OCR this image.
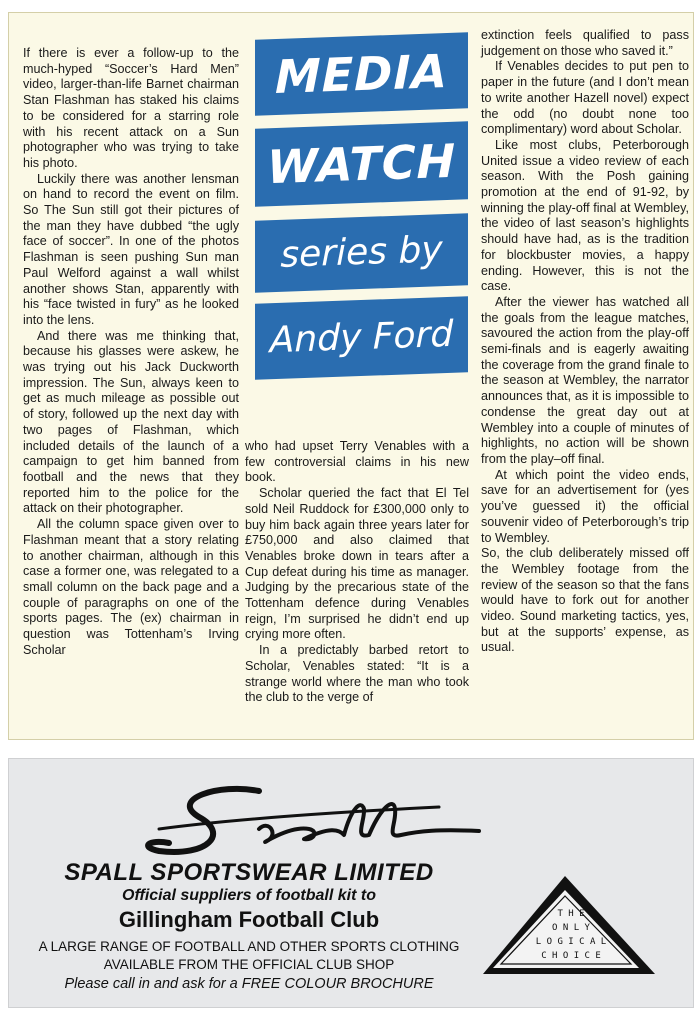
If there is ever a follow-up to the much-hyped “Soccer’s Hard Men” video, larger-than-life Barnet chairman Stan Flashman has staked his claims to be considered for a starring role with his recent attack on a Sun photographer who was trying to take his photo.

Luckily there was another lensman on hand to record the event on film. So The Sun still got their pictures of the man they have dubbed “the ugly face of soccer”. In one of the photos Flashman is seen pushing Sun man Paul Welford against a wall whilst another shows Stan, apparently with his “face twisted in fury” as he looked into the lens.

And there was me thinking that, because his glasses were askew, he was trying out his Jack Duckworth impression. The Sun, always keen to get as much mileage as possible out of story, followed up the next day with two pages of Flashman, which included details of the launch of a campaign to get him banned from football and the news that they reported him to the police for the attack on their photographer.

All the column space given over to Flashman meant that a story relating to another chairman, although in this case a former one, was relegated to a small column on the back page and a couple of paragraphs on one of the sports pages. The (ex) chairman in question was Tottenham’s Irving Scholar

MEDIA
WATCH
series by
Andy Ford

who had upset Terry Venables with a few controversial claims in his new book.

Scholar queried the fact that El Tel sold Neil Ruddock for £300,000 only to buy him back again three years later for £750,000 and also claimed that Venables broke down in tears after a Cup defeat during his time as manager. Judging by the precarious state of the Tottenham defence during Venables reign, I’m surprised he didn’t end up crying more often.

In a predictably barbed retort to Scholar, Venables stated: “It is a strange world where the man who took the club to the verge of

extinction feels qualified to pass judgement on those who saved it.”

If Venables decides to put pen to paper in the future (and I don’t mean to write another Hazell novel) expect the odd (no doubt none too complimentary) word about Scholar.

Like most clubs, Peterborough United issue a video review of each season. With the Posh gaining promotion at the end of 91-92, by winning the play-off final at Wembley, the video of last season’s highlights should have had, as is the tradition for blockbuster movies, a happy ending. However, this is not the case.

After the viewer has watched all the goals from the league matches, savoured the action from the play-off semi-finals and is eagerly awaiting the coverage from the grand finale to the season at Wembley, the narrator announces that, as it is impossible to condense the great day out at Wembley into a couple of minutes of highlights, no action will be shown from the play–off final.

At which point the video ends, save for an advertisement for (yes you’ve guessed it) the official souvenir video of Peterborough’s trip to Wembley.

So, the club deliberately missed off the Wembley footage from the review of the season so that the fans would have to fork out for another video. Sound marketing tactics, yes, but at the supports’ expense, as usual.

SPALL SPORTSWEAR LIMITED
Official suppliers of football kit to
Gillingham Football Club
A LARGE RANGE OF FOOTBALL AND OTHER SPORTS CLOTHING
AVAILABLE FROM THE OFFICIAL CLUB SHOP
Please call in and ask for a FREE COLOUR BROCHURE
T H E
O N L Y
L O G I C A L
C H O I C E
